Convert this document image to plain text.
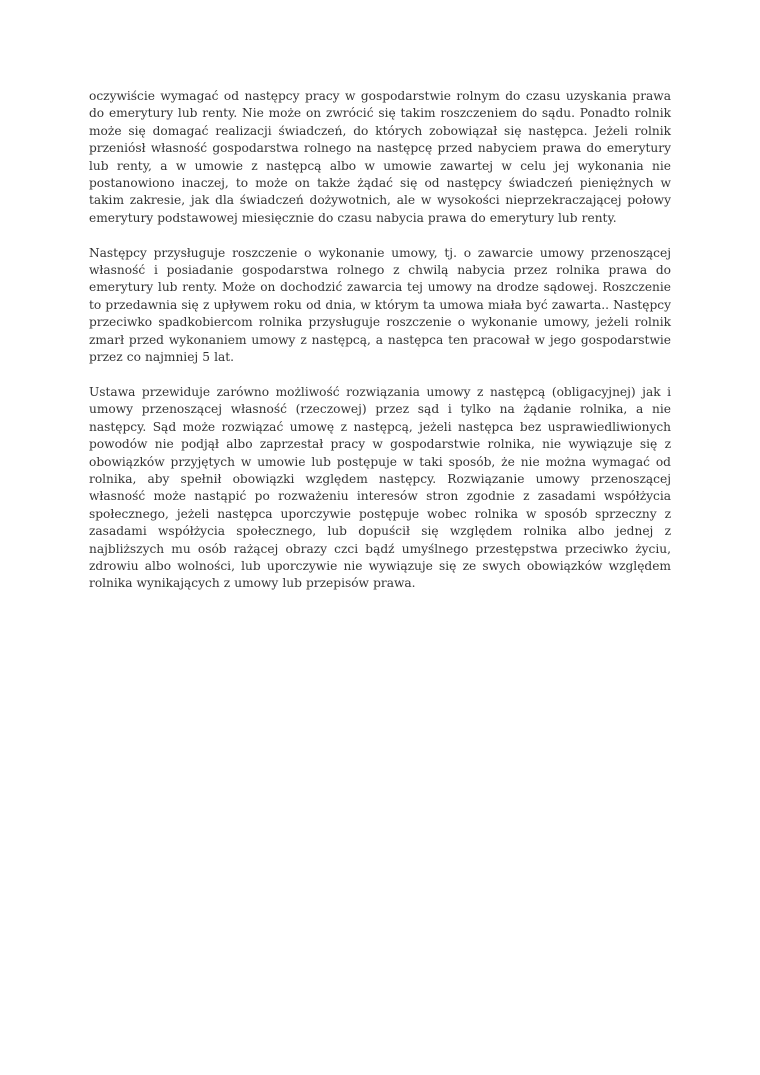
oczywiście wymagać od następcy pracy w gospodarstwie rolnym do czasu uzyskania prawa do emerytury lub renty. Nie może on zwrócić się takim roszczeniem do sądu. Ponadto rolnik może się domagać realizacji świadczeń, do których zobowiązał się następca. Jeżeli rolnik przeniósł własność gospodarstwa rolnego na następcę przed nabyciem prawa do emerytury lub renty, a w umowie z następcą albo w umowie zawartej w celu jej wykonania nie postanowiono inaczej, to może on także żądać się od następcy świadczeń pieniężnych w takim zakresie, jak dla świadczeń dożywotnich, ale w wysokości nieprzekraczającej połowy emerytury podstawowej miesięcznie do czasu nabycia prawa do emerytury lub renty.

Następcy przysługuje roszczenie o wykonanie umowy, tj. o zawarcie umowy przenoszącej własność i posiadanie gospodarstwa rolnego z chwilą nabycia przez rolnika prawa do emerytury lub renty. Może on dochodzić zawarcia tej umowy na drodze sądowej. Roszczenie to przedawnia się z upływem roku od dnia, w którym ta umowa miała być zawarta.. Następcy przeciwko spadkobiercom rolnika przysługuje roszczenie o wykonanie umowy, jeżeli rolnik zmarł przed wykonaniem umowy z następcą, a następca ten pracował w jego gospodarstwie przez co najmniej 5 lat.

Ustawa przewiduje zarówno możliwość rozwiązania umowy z następcą (obligacyjnej) jak i umowy przenoszącej własność (rzeczowej) przez sąd i tylko na żądanie rolnika, a nie następcy. Sąd może rozwiązać umowę z następcą, jeżeli następca bez usprawiedliwionych powodów nie podjął albo zaprzestał pracy w gospodarstwie rolnika, nie wywiązuje się z obowiązków przyjętych w umowie lub postępuje w taki sposób, że nie można wymagać od rolnika, aby spełnił obowiązki względem następcy. Rozwiązanie umowy przenoszącej własność może nastąpić po rozważeniu interesów stron zgodnie z zasadami współżycia społecznego, jeżeli następca uporczywie postępuje wobec rolnika w sposób sprzeczny z zasadami współżycia społecznego, lub dopuścił się względem rolnika albo jednej z najbliższych mu osób rażącej obrazy czci bądź umyślnego przestępstwa przeciwko życiu, zdrowiu albo wolności, lub uporczywie nie wywiązuje się ze swych obowiązków względem rolnika wynikających z umowy lub przepisów prawa.
